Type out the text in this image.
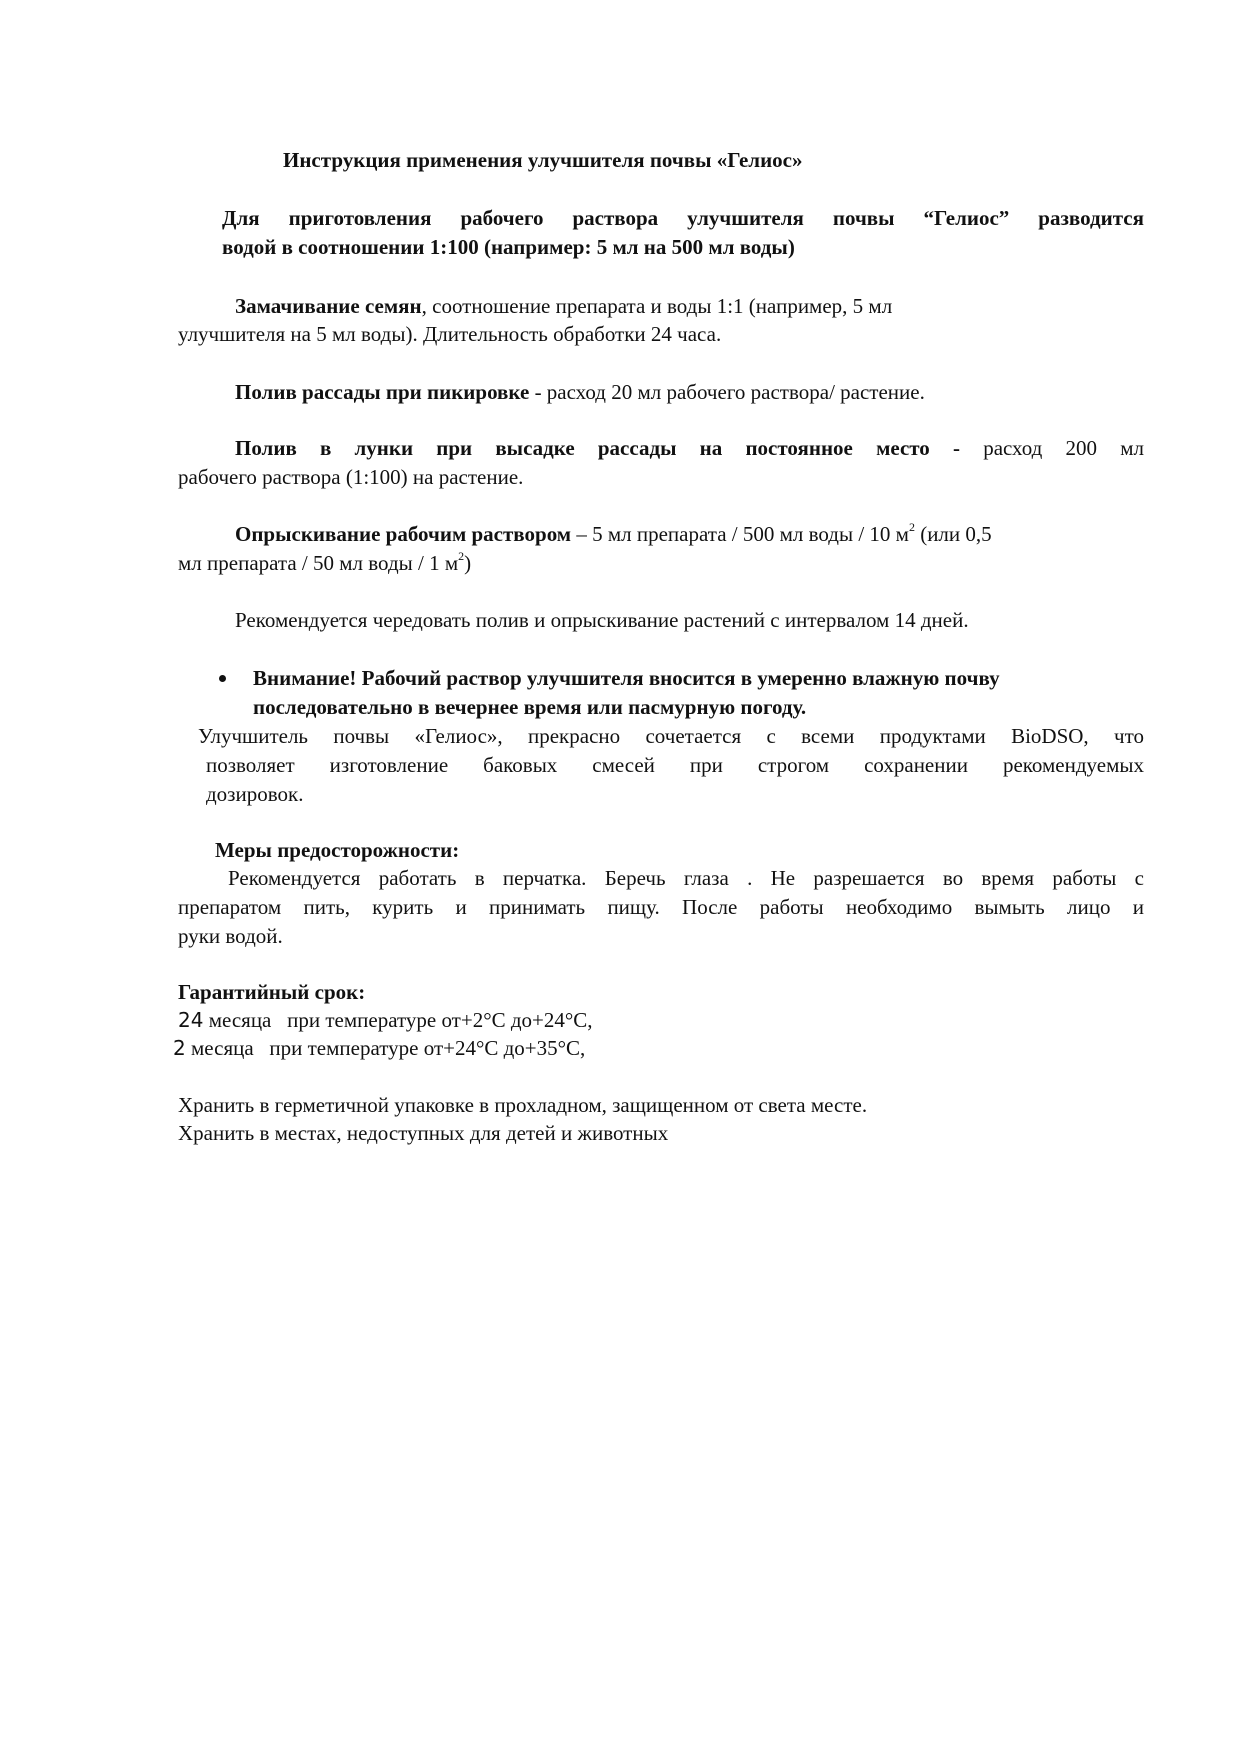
Инструкция применения улучшителя почвы «Гелиос»
Для приготовления рабочего раствора улучшителя почвы “Гелиос” разводится
водой в соотношении 1:100 (например: 5 мл на 500 мл воды)
Замачивание семян, соотношение препарата и воды 1:1 (например, 5 мл
улучшителя на 5 мл воды). Длительность обработки 24 часа.
Полив рассады при пикировке - расход 20 мл рабочего раствора/ растение.
Полив в лунки при высадке рассады на постоянное место - расход 200 мл
рабочего раствора (1:100) на растение.
Опрыскивание рабочим раствором – 5 мл препарата / 500 мл воды / 10 $м^2$ (или 0,5
мл препарата / 50 мл воды / 1 $м^2$)
Рекомендуется чередовать полив и опрыскивание растений с интервалом 14 дней.
Внимание! Рабочий раствор улучшителя вносится в умеренно влажную почву
последовательно в вечернее время или пасмурную погоду.
Улучшитель почвы «Гелиос», прекрасно сочетается с всеми продуктами BioDSO, что
позволяет изготовление баковых смесей при строгом сохранении рекомендуемых
дозировок.
Меры предосторожности:
Рекомендуется работать в перчатка. Беречь глаза . Не разрешается во время работы с
препаратом пить, курить и принимать пищу. После работы необходимо вымыть лицо и
руки водой.
Гарантийный срок:
24 месяца при температуре от+2°С до+24°С,
2 месяца при температуре от+24°С до+35°С,
Хранить в герметичной упаковке в прохладном, защищенном от света месте.
Хранить в местах, недоступных для детей и животных
